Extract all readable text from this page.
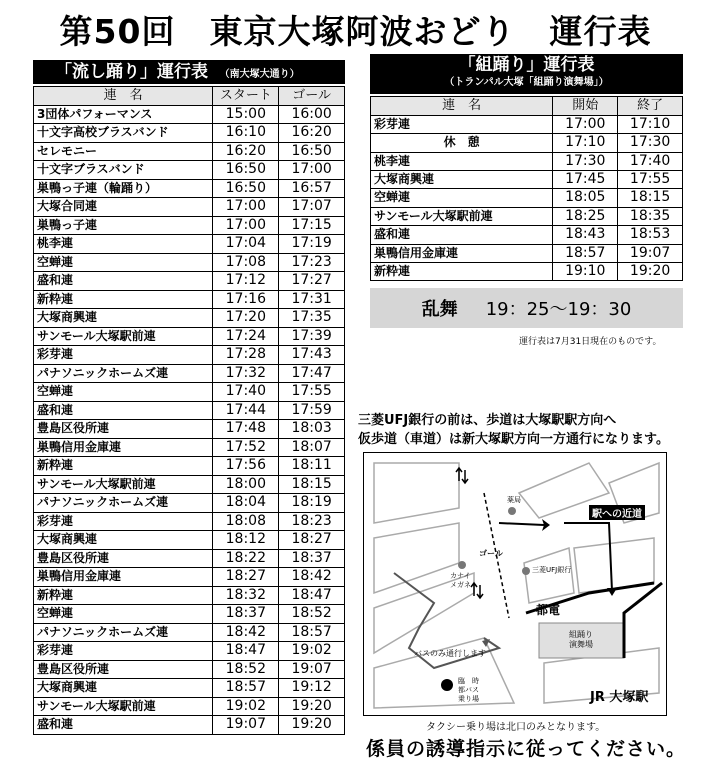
第50回　東京大塚阿波おどり　運行表
「流し踊り」運行表 （南大塚大通り）
連　名	スタート	ゴール
3団体パフォーマンス	15:00	16:00
十文字高校ブラスバンド	16:10	16:20
セレモニー	16:20	16:50
十文字ブラスバンド	16:50	17:00
巣鴨っ子連（輪踊り）	16:50	16:57
大塚合同連	17:00	17:07
巣鴨っ子連	17:00	17:15
桃李連	17:04	17:19
空蝉連	17:08	17:23
盛和連	17:12	17:27
新粋連	17:16	17:31
大塚商興連	17:20	17:35
サンモール大塚駅前連	17:24	17:39
彩芽連	17:28	17:43
パナソニックホームズ連	17:32	17:47
空蝉連	17:40	17:55
盛和連	17:44	17:59
豊島区役所連	17:48	18:03
巣鴨信用金庫連	17:52	18:07
新粋連	17:56	18:11
サンモール大塚駅前連	18:00	18:15
パナソニックホームズ連	18:04	18:19
彩芽連	18:08	18:23
大塚商興連	18:12	18:27
豊島区役所連	18:22	18:37
巣鴨信用金庫連	18:27	18:42
新粋連	18:32	18:47
空蝉連	18:37	18:52
パナソニックホームズ連	18:42	18:57
彩芽連	18:47	19:02
豊島区役所連	18:52	19:07
大塚商興連	18:57	19:12
サンモール大塚駅前連	19:02	19:20
盛和連	19:07	19:20
「組踊り」運行表
（トランパル大塚「組踊り演舞場」）
連　名	開始	終了
彩芽連	17:00	17:10
休　憩	17:10	17:30
桃李連	17:30	17:40
大塚商興連	17:45	17:55
空蝉連	18:05	18:15
サンモール大塚駅前連	18:25	18:35
盛和連	18:43	18:53
巣鴨信用金庫連	18:57	19:07
新粋連	19:10	19:20
乱舞 19：25～19：30
運行表は7月31日現在のものです。
三菱UFJ銀行の前は、歩道は大塚駅駅方向へ
仮歩道（車道）は新大塚駅方向一方通行になります。
薬局
ゴール
カナイ
メガネ
三菱UFJ銀行
都電
駅への近道
組踊り
演舞場
バスのみ通行します
臨　時
都バス
乗り場	JR 大塚駅
タクシー乗り場は北口のみとなります。
係員の誘導指示に従ってください。
